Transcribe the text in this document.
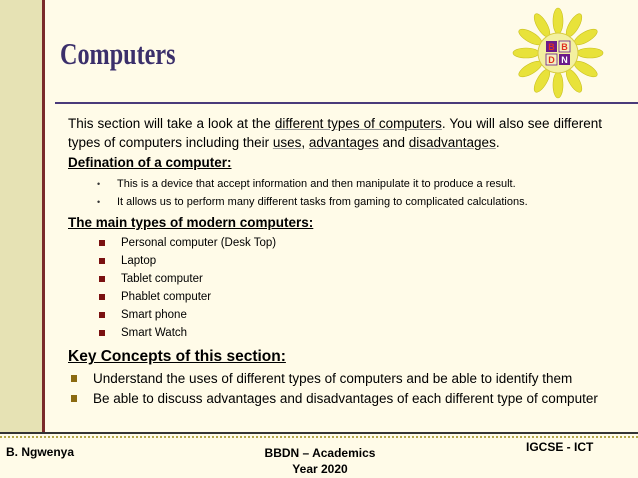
Computers	B B
D N

This section will take a look at the different types of computers. You will also see different types of computers including their uses, advantages and disadvantages.

Defination of a computer:
• This is a device that accept information and then manipulate it to produce a result.
• It allows us to perform many different tasks from gaming to complicated calculations.
The main types of modern computers:
Personal computer (Desk Top)
Laptop
Tablet computer
Phablet computer
Smart phone
Smart Watch
Key Concepts of this section:
Understand the uses of different types of computers and be able to identify them
Be able to discuss advantages and disadvantages of each different type of computer
B. Ngwenya	BBDN – Academics
Year 2020
IGCSE - ICT
